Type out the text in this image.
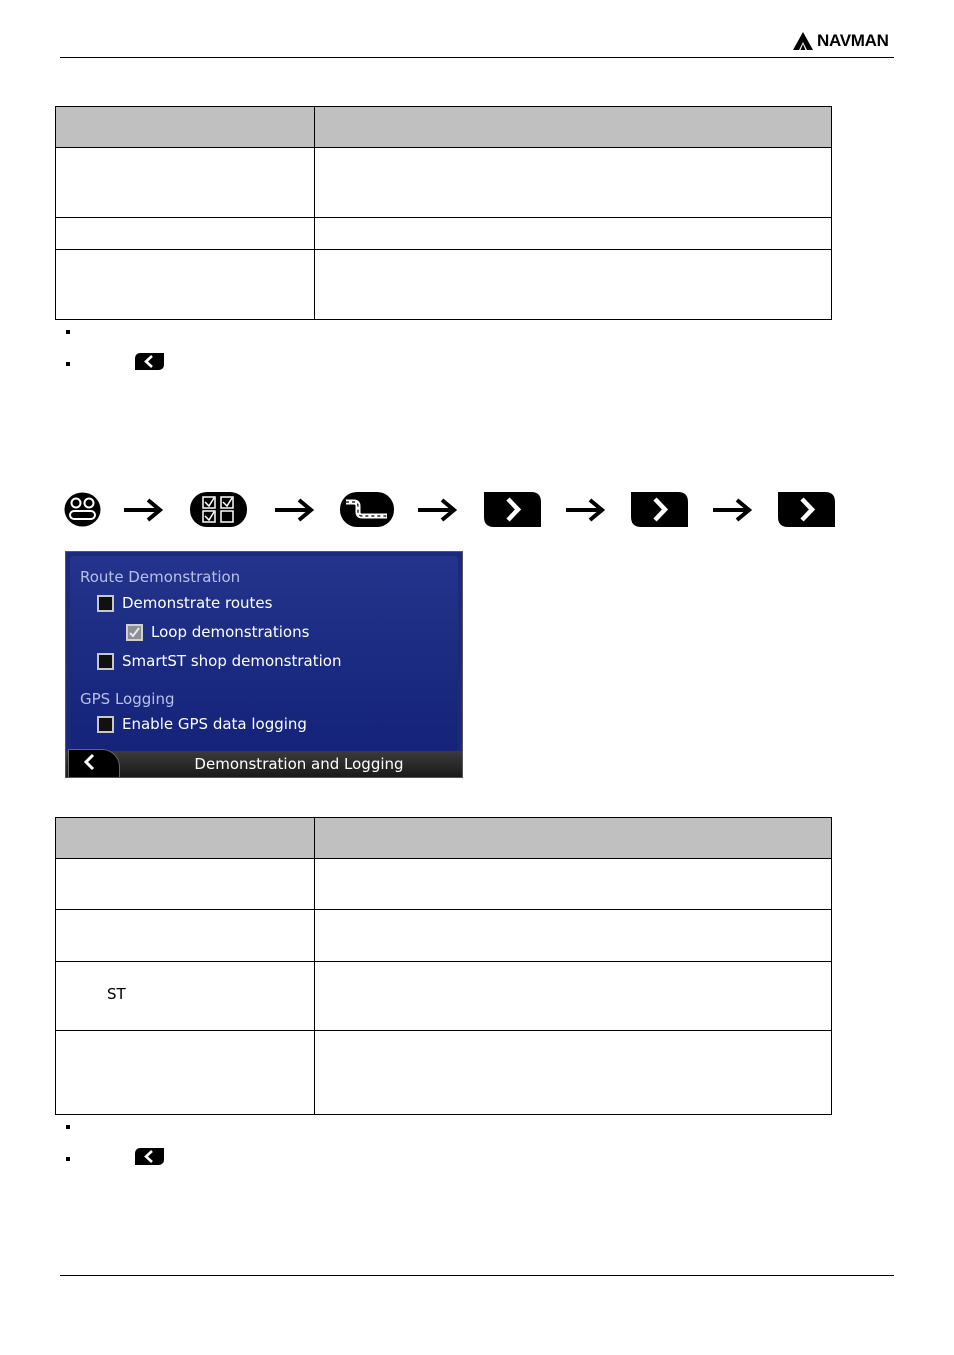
NAVMAN

Route Demonstration
Demonstrate routes
Loop demonstrations
SmartST shop demonstration
GPS Logging
Enable GPS data logging
Demonstration and Logging

ST
